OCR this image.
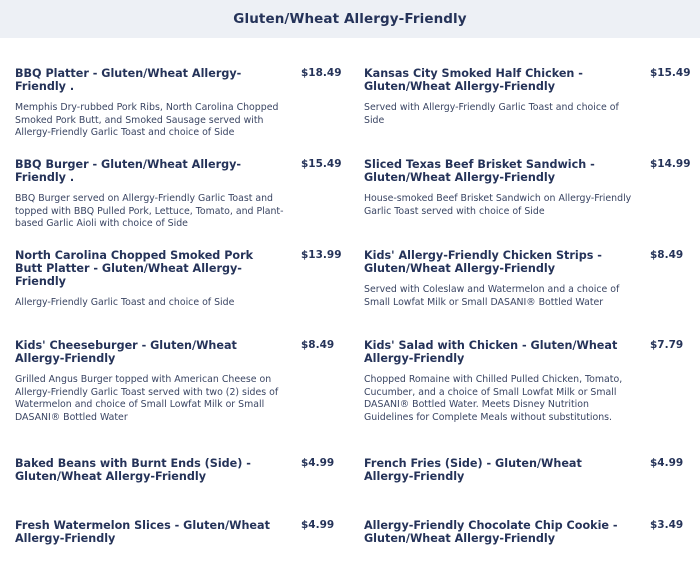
Gluten/Wheat Allergy-Friendly
BBQ Platter - Gluten/Wheat Allergy-Friendly .
$18.49
Memphis Dry-rubbed Pork Ribs, North Carolina Chopped Smoked Pork Butt, and Smoked Sausage served with Allergy-Friendly Garlic Toast and choice of Side
Kansas City Smoked Half Chicken - Gluten/Wheat Allergy-Friendly
$15.49
Served with Allergy-Friendly Garlic Toast and choice of Side
BBQ Burger - Gluten/Wheat Allergy-Friendly .
$15.49
BBQ Burger served on Allergy-Friendly Garlic Toast and topped with BBQ Pulled Pork, Lettuce, Tomato, and Plant-based Garlic Aioli with choice of Side
Sliced Texas Beef Brisket Sandwich - Gluten/Wheat Allergy-Friendly
$14.99
House-smoked Beef Brisket Sandwich on Allergy-Friendly Garlic Toast served with choice of Side
North Carolina Chopped Smoked Pork Butt Platter - Gluten/Wheat Allergy-Friendly
$13.99
Allergy-Friendly Garlic Toast and choice of Side
Kids' Allergy-Friendly Chicken Strips - Gluten/Wheat Allergy-Friendly
$8.49
Served with Coleslaw and Watermelon and a choice of Small Lowfat Milk or Small DASANI® Bottled Water
Kids' Cheeseburger - Gluten/Wheat Allergy-Friendly
$8.49
Grilled Angus Burger topped with American Cheese on Allergy-Friendly Garlic Toast served with two (2) sides of Watermelon and choice of Small Lowfat Milk or Small DASANI® Bottled Water
Kids' Salad with Chicken - Gluten/Wheat Allergy-Friendly
$7.79
Chopped Romaine with Chilled Pulled Chicken, Tomato, Cucumber, and a choice of Small Lowfat Milk or Small DASANI® Bottled Water. Meets Disney Nutrition Guidelines for Complete Meals without substitutions.
Baked Beans with Burnt Ends (Side) - Gluten/Wheat Allergy-Friendly
$4.99	French Fries (Side) - Gluten/Wheat Allergy-Friendly
$4.99
Fresh Watermelon Slices - Gluten/Wheat Allergy-Friendly
$4.99	Allergy-Friendly Chocolate Chip Cookie - Gluten/Wheat Allergy-Friendly
$3.49
